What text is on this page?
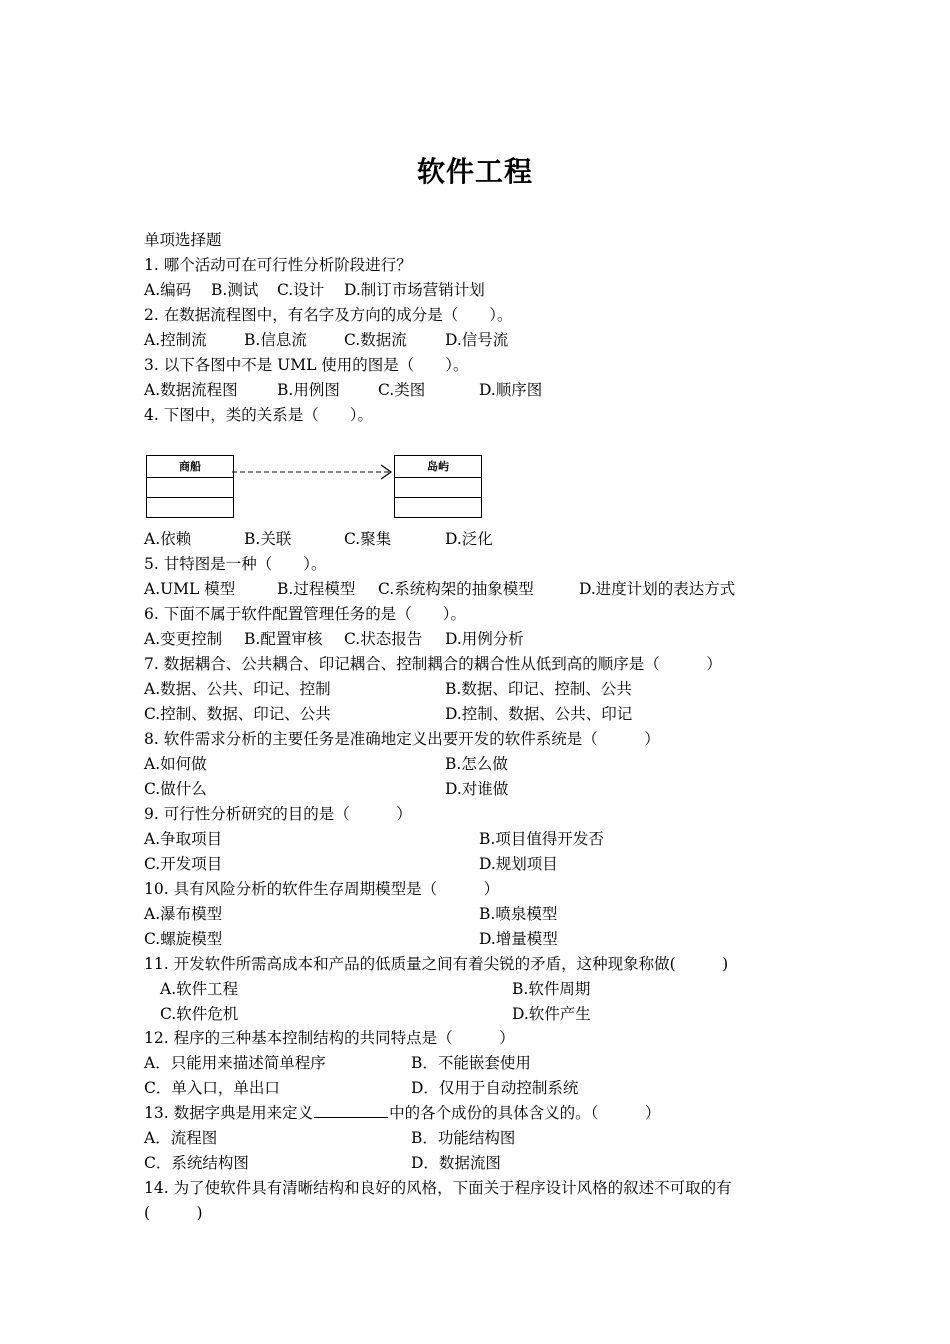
软件工程
单项选择题
1. 哪个活动可在可行性分析阶段进行？
A.编码 B.测试 C.设计 D.制订市场营销计划
2. 在数据流程图中，有名字及方向的成分是（　　）。
A.控制流 B.信息流 C.数据流 D.信号流
3. 以下各图中不是 UML 使用的图是（　　）。
A.数据流程图	B.用例图 C.类图	D.顺序图
4. 下图中，类的关系是（　　）。
商船	岛屿
A.依赖	B.关联	C.聚集	D.泛化
5. 甘特图是一种（　　）。
A.UML 模型	B.过程模型 C.系统构架的抽象模型	D.进度计划的表达方式
6. 下面不属于软件配置管理任务的是（　　）。
A.变更控制 B.配置审核 C.状态报告 D.用例分析
7. 数据耦合、公共耦合、印记耦合、控制耦合的耦合性从低到高的顺序是（　　　）
A.数据、公共、印记、控制	B.数据、印记、控制、公共
C.控制、数据、印记、公共	D.控制、数据、公共、印记
8. 软件需求分析的主要任务是准确地定义出要开发的软件系统是（　　　）
A.如何做	B.怎么做
C.做什么	D.对谁做
9. 可行性分析研究的目的是（　　　）
A.争取项目	B.项目值得开发否
C.开发项目	D.规划项目
10. 具有风险分析的软件生存周期模型是（　　　）
A.瀑布模型	B.喷泉模型
C.螺旋模型	D.增量模型
11. 开发软件所需高成本和产品的低质量之间有着尖锐的矛盾，这种现象称做(　　　)
A.软件工程	B.软件周期
C.软件危机	D.软件产生
12. 程序的三种基本控制结构的共同特点是（　　　）
A．只能用来描述简单程序	B．不能嵌套使用
C．单入口，单出口	D．仅用于自动控制系统
13. 数据字典是用来定义	中的各个成份的具体含义的。（　　　）
A．流程图	B．功能结构图
C．系统结构图	D．数据流图
14. 为了使软件具有清晰结构和良好的风格，下面关于程序设计风格的叙述不可取的有
(　　　)
